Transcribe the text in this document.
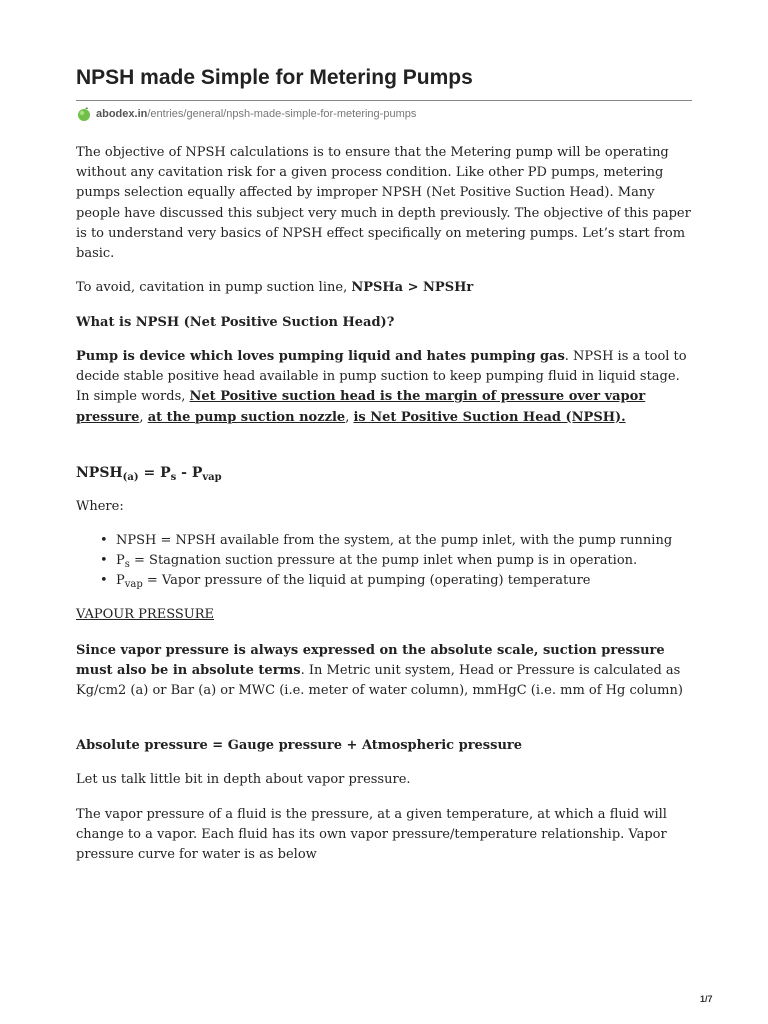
NPSH made Simple for Metering Pumps
abodex.in /entries/general/npsh-made-simple-for-metering-pumps

The objective of NPSH calculations is to ensure that the Metering pump will be operating without any cavitation risk for a given process condition. Like other PD pumps, metering pumps selection equally affected by improper NPSH (Net Positive Suction Head). Many people have discussed this subject very much in depth previously. The objective of this paper is to understand very basics of NPSH effect specifically on metering pumps. Let’s start from basic.

To avoid, cavitation in pump suction line, NPSHa > NPSHr

What is NPSH (Net Positive Suction Head)?

Pump is device which loves pumping liquid and hates pumping gas. NPSH is a tool to decide stable positive head available in pump suction to keep pumping fluid in liquid stage. In simple words, Net Positive suction head is the margin of pressure over vapor pressure, at the pump suction nozzle, is Net Positive Suction Head (NPSH).

$NPSH_{(a)} = P_s - P_{vap}$

Where:

• NPSH = NPSH available from the system, at the pump inlet, with the pump running
• $P_s$ = Stagnation suction pressure at the pump inlet when pump is in operation.
• $P_{vap}$ = Vapor pressure of the liquid at pumping (operating) temperature

VAPOUR PRESSURE

Since vapor pressure is always expressed on the absolute scale, suction pressure must also be in absolute terms. In Metric unit system, Head or Pressure is calculated as Kg/cm2 (a) or Bar (a) or MWC (i.e. meter of water column), mmHgC (i.e. mm of Hg column)

Absolute pressure = Gauge pressure + Atmospheric pressure

Let us talk little bit in depth about vapor pressure.

The vapor pressure of a fluid is the pressure, at a given temperature, at which a fluid will change to a vapor. Each fluid has its own vapor pressure/temperature relationship. Vapor pressure curve for water is as below

1/7
